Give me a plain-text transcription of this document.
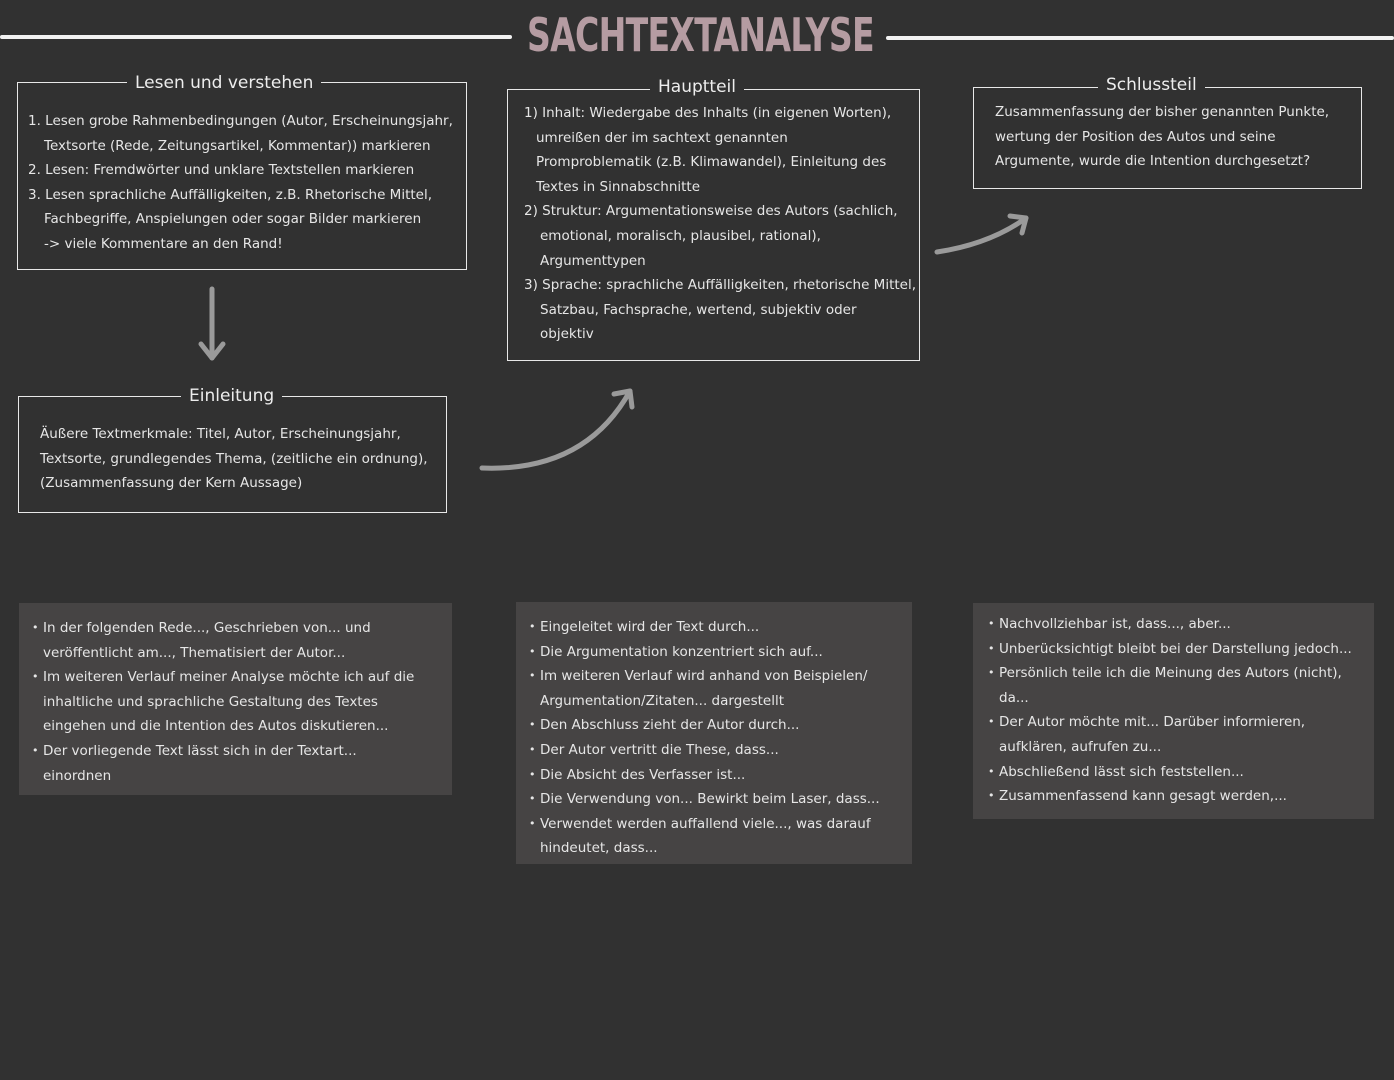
SACHTEXTANALYSE
Lesen und verstehen
1. Lesen grobe Rahmenbedingungen (Autor, Erscheinungsjahr,
Textsorte (Rede, Zeitungsartikel, Kommentar)) markieren
2. Lesen: Fremdwörter und unklare Textstellen markieren
3. Lesen sprachliche Auffälligkeiten, z.B. Rhetorische Mittel,
Fachbegriffe, Anspielungen oder sogar Bilder markieren
-> viele Kommentare an den Rand!
Einleitung
Äußere Textmerkmale: Titel, Autor, Erscheinungsjahr,
Textsorte, grundlegendes Thema, (zeitliche ein ordnung),
(Zusammenfassung der Kern Aussage)
Hauptteil
1) Inhalt: Wiedergabe des Inhalts (in eigenen Worten),
umreißen der im sachtext genannten
Promproblematik (z.B. Klimawandel), Einleitung des
Textes in Sinnabschnitte
2) Struktur: Argumentationsweise des Autors (sachlich,
emotional, moralisch, plausibel, rational),
Argumenttypen
3) Sprache: sprachliche Auffälligkeiten, rhetorische Mittel,
Satzbau, Fachsprache, wertend, subjektiv oder
objektiv
Schlussteil
Zusammenfassung der bisher genannten Punkte,
wertung der Position des Autos und seine
Argumente, wurde die Intention durchgesetzt?
• In der folgenden Rede..., Geschrieben von... und
veröffentlicht am..., Thematisiert der Autor...
• Im weiteren Verlauf meiner Analyse möchte ich auf die
inhaltliche und sprachliche Gestaltung des Textes
eingehen und die Intention des Autos diskutieren...
• Der vorliegende Text lässt sich in der Textart...
einordnen
• Eingeleitet wird der Text durch...
• Die Argumentation konzentriert sich auf...
• Im weiteren Verlauf wird anhand von Beispielen/
Argumentation/Zitaten... dargestellt
• Den Abschluss zieht der Autor durch...
• Der Autor vertritt die These, dass...
• Die Absicht des Verfasser ist...
• Die Verwendung von... Bewirkt beim Laser, dass...
• Verwendet werden auffallend viele..., was darauf
hindeutet, dass...
• Nachvollziehbar ist, dass..., aber...
• Unberücksichtigt bleibt bei der Darstellung jedoch...
• Persönlich teile ich die Meinung des Autors (nicht),
da...
• Der Autor möchte mit... Darüber informieren,
aufklären, aufrufen zu...
• Abschließend lässt sich feststellen...
• Zusammenfassend kann gesagt werden,...
